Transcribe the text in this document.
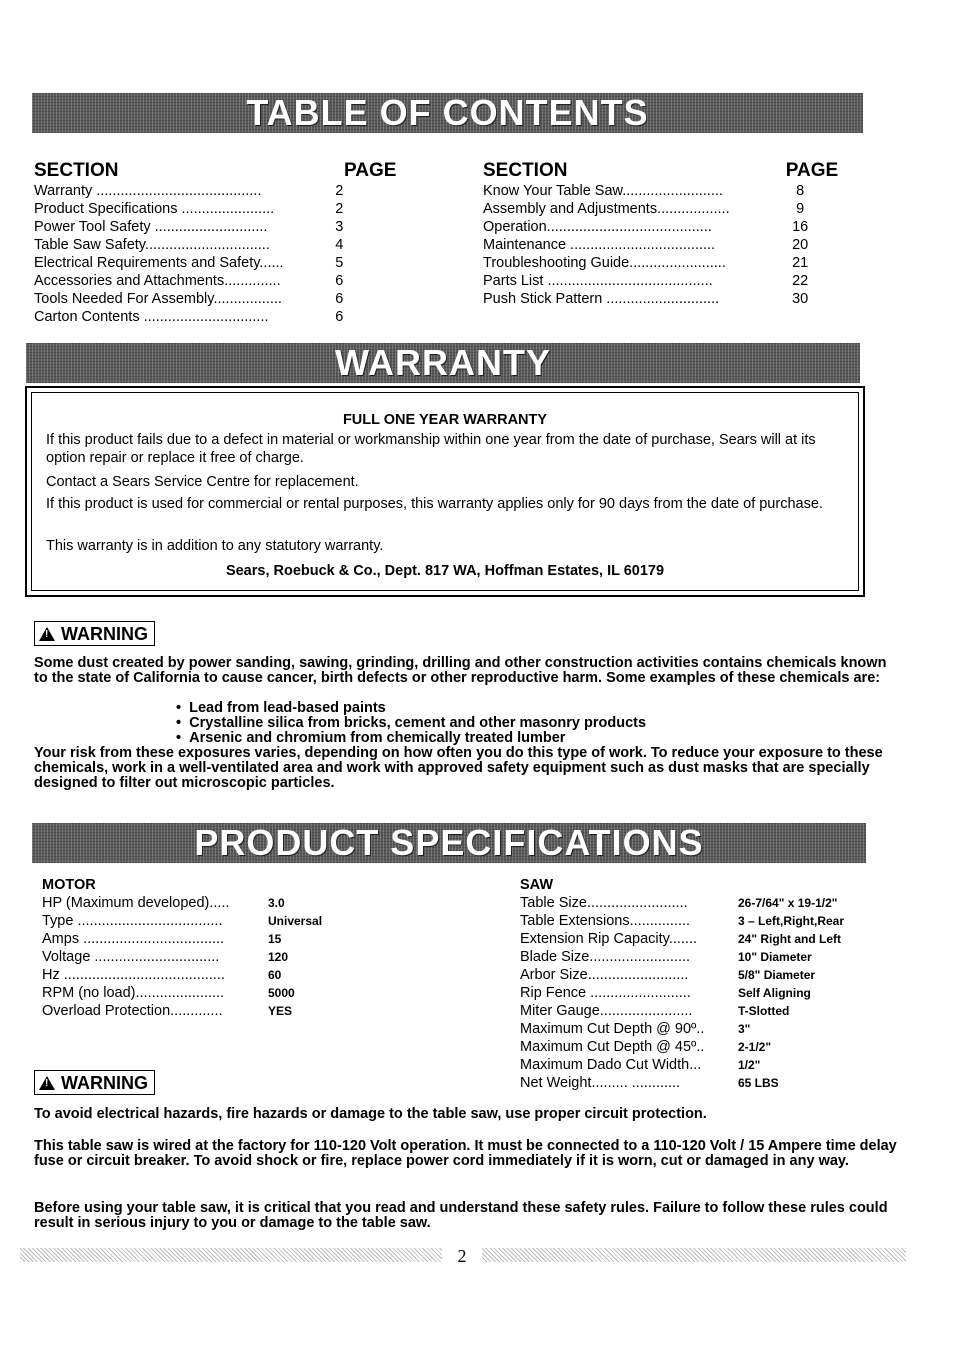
TABLE OF CONTENTS
SECTION	PAGE
Warranty .........................................	2
Product Specifications .......................	2
Power Tool Safety ............................	3
Table Saw Safety...............................	4
Electrical Requirements and Safety......	5
Accessories and Attachments..............	6
Tools Needed For Assembly.................	6
Carton Contents ...............................	6
SECTION	PAGE
Know Your Table Saw.........................	8
Assembly and Adjustments..................	9
Operation.........................................	16
Maintenance ....................................	20
Troubleshooting Guide........................	21
Parts List .........................................	22
Push Stick Pattern ............................	30
WARRANTY
FULL ONE YEAR WARRANTY
If this product fails due to a defect in material or workmanship within one year from the date of purchase, Sears will at its option repair or replace it free of charge.
Contact a Sears Service Centre for replacement.
If this product is used for commercial or rental purposes, this warranty applies only for 90 days from the date of purchase.
This warranty is in addition to any statutory warranty.
Sears, Roebuck & Co., Dept. 817 WA, Hoffman Estates, IL 60179
!
WARNING
Some dust created by power sanding, sawing, grinding, drilling and other construction activities contains chemicals known to the state of California to cause cancer, birth defects or other reproductive harm. Some examples of these chemicals are:
•  Lead from lead-based paints
•  Crystalline silica from bricks, cement and other masonry products
•  Arsenic and chromium from chemically treated lumber
Your risk from these exposures varies, depending on how often you do this type of work. To reduce your exposure to these chemicals, work in a well-ventilated area and work with approved safety equipment such as dust masks that are specially designed to filter out microscopic particles.
PRODUCT SPECIFICATIONS
MOTOR
HP (Maximum developed).....	3.0
Type ....................................	Universal
Amps ...................................	15
Voltage ...............................	120
Hz ........................................	60
RPM (no load)......................	5000
Overload Protection.............	YES
SAW
Table Size.........................	26-7/64" x 19-1/2"
Table Extensions...............	3 – Left,Right,Rear
Extension Rip Capacity.......	24" Right and Left
Blade Size.........................	10" Diameter
Arbor Size.........................	5/8" Diameter
Rip Fence .........................	Self Aligning
Miter Gauge.......................	T-Slotted
Maximum Cut Depth @ 90º..	3"
Maximum Cut Depth @ 45º..	2-1/2"
Maximum Dado Cut Width...	1/2"
Net Weight......... ............	65 LBS
!
WARNING
To avoid electrical hazards, fire hazards or damage to the table saw, use proper circuit protection.
This table saw is wired at the factory for 110-120 Volt operation. It must be connected to a 110-120 Volt / 15 Ampere time delay fuse or circuit breaker. To avoid shock or fire, replace power cord immediately if it is worn, cut or damaged in any way.
Before using your table saw, it is critical that you read and understand these safety rules. Failure to follow these rules could result in serious injury to you or damage to the table saw.
2
